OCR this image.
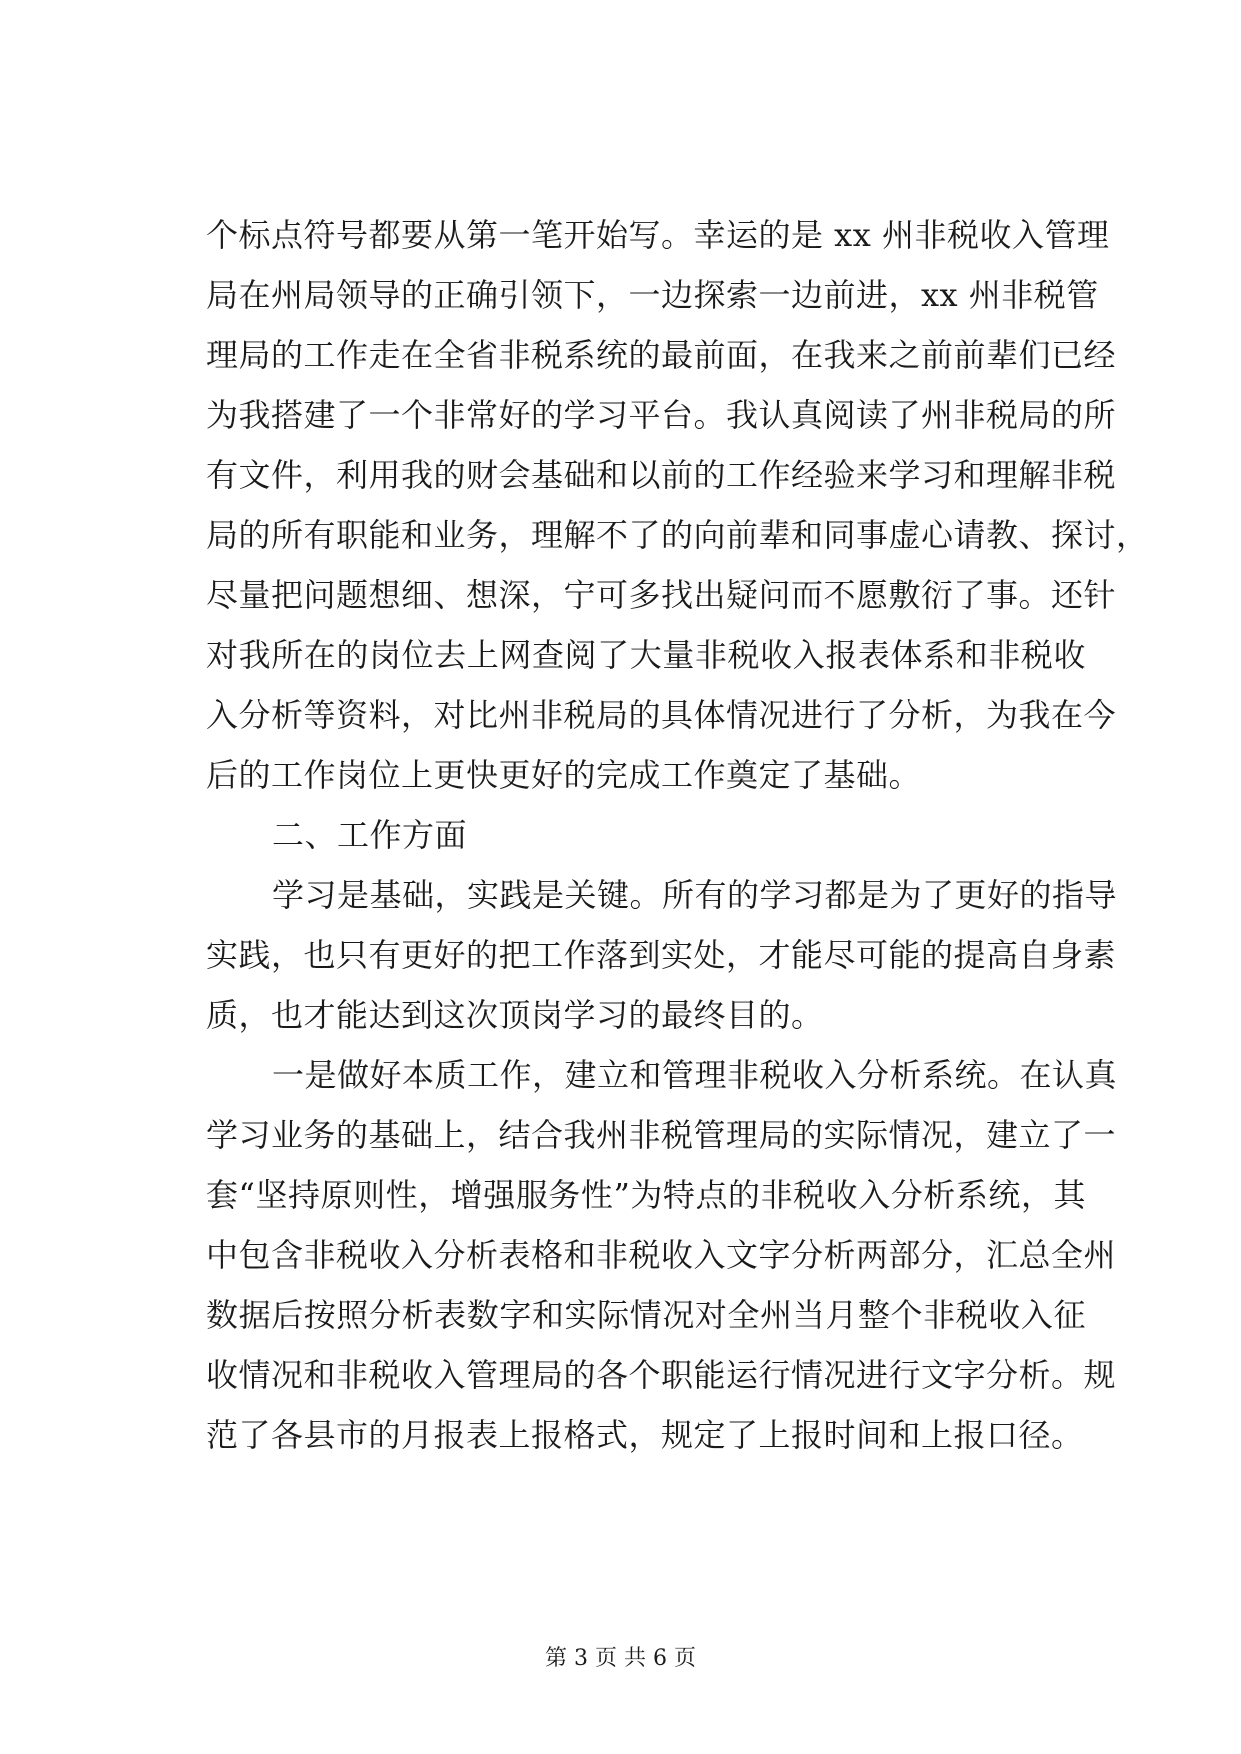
个标点符号都要从第一笔开始写。幸运的是 xx 州非税收入管理
局在州局领导的正确引领下，一边探索一边前进，xx 州非税管
理局的工作走在全省非税系统的最前面，在我来之前前辈们已经
为我搭建了一个非常好的学习平台。我认真阅读了州非税局的所
有文件，利用我的财会基础和以前的工作经验来学习和理解非税
局的所有职能和业务，理解不了的向前辈和同事虚心请教、探讨，
尽量把问题想细、想深，宁可多找出疑问而不愿敷衍了事。还针
对我所在的岗位去上网查阅了大量非税收入报表体系和非税收
入分析等资料，对比州非税局的具体情况进行了分析，为我在今
后的工作岗位上更快更好的完成工作奠定了基础。
二、工作方面
学习是基础，实践是关键。所有的学习都是为了更好的指导
实践，也只有更好的把工作落到实处，才能尽可能的提高自身素
质，也才能达到这次顶岗学习的最终目的。
一是做好本质工作，建立和管理非税收入分析系统。在认真
学习业务的基础上，结合我州非税管理局的实际情况，建立了一
套“坚持原则性，增强服务性”为特点的非税收入分析系统，其
中包含非税收入分析表格和非税收入文字分析两部分，汇总全州
数据后按照分析表数字和实际情况对全州当月整个非税收入征
收情况和非税收入管理局的各个职能运行情况进行文字分析。规
范了各县市的月报表上报格式，规定了上报时间和上报口径。
第 3 页 共 6 页
